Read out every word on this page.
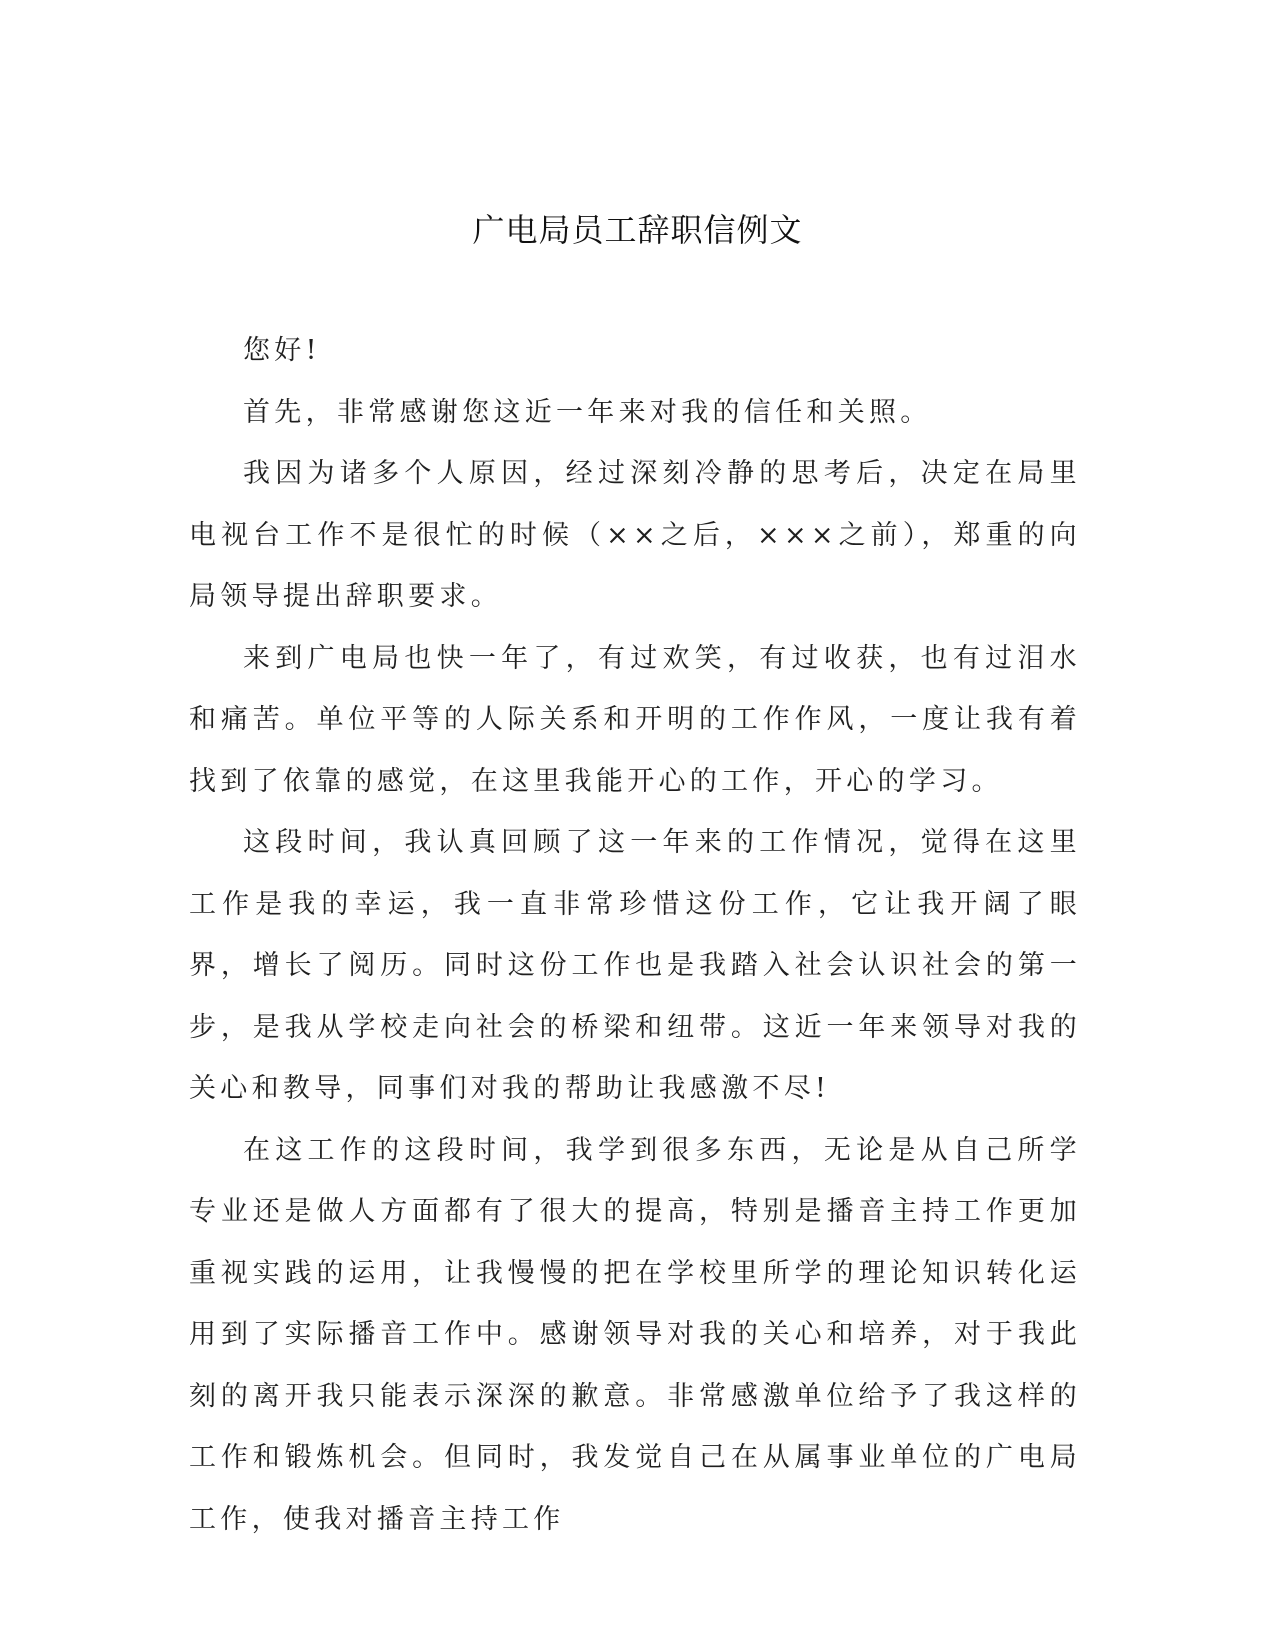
广电局员工辞职信例文

您好!

首先，非常感谢您这近一年来对我的信任和关照。

我因为诸多个人原因，经过深刻冷静的思考后，决定在局里电视台工作不是很忙的时候（××之后，×××之前），郑重的向局领导提出辞职要求。

来到广电局也快一年了，有过欢笑，有过收获，也有过泪水和痛苦。单位平等的人际关系和开明的工作作风，一度让我有着找到了依靠的感觉，在这里我能开心的工作，开心的学习。

这段时间，我认真回顾了这一年来的工作情况，觉得在这里工作是我的幸运，我一直非常珍惜这份工作，它让我开阔了眼界，增长了阅历。同时这份工作也是我踏入社会认识社会的第一步，是我从学校走向社会的桥梁和纽带。这近一年来领导对我的关心和教导，同事们对我的帮助让我感激不尽!

在这工作的这段时间，我学到很多东西，无论是从自己所学专业还是做人方面都有了很大的提高，特别是播音主持工作更加重视实践的运用，让我慢慢的把在学校里所学的理论知识转化运用到了实际播音工作中。感谢领导对我的关心和培养，对于我此刻的离开我只能表示深深的歉意。非常感激单位给予了我这样的工作和锻炼机会。但同时，我发觉自己在从属事业单位的广电局工作，使我对播音主持工作
